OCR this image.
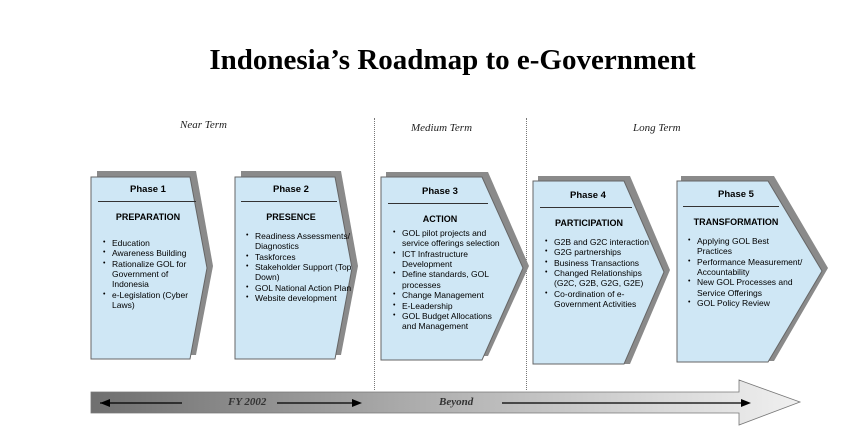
Indonesia’s Roadmap to e-Government
Near Term	Medium Term	Long Term
Phase 1
PREPARATION
• Education
• Awareness Building
• Rationalize GOL for Government of Indonesia
• e-Legislation (Cyber Laws)
Phase 2
PRESENCE
• Readiness Assessments/ Diagnostics
• Taskforces
• Stakeholder Support (Top Down)
• GOL National Action Plan
• Website development
Phase 3
ACTION
• GOL pilot projects and service offerings selection
• ICT Infrastructure Development
• Define standards, GOL processes
• Change Management
• E-Leadership
• GOL Budget Allocations and Management
Phase 4
PARTICIPATION
• G2B and G2C interaction
• G2G partnerships
• Business Transactions
• Changed Relationships (G2C, G2B, G2G, G2E)
• Co-ordination of e-Government Activities
Phase 5
TRANSFORMATION
• Applying GOL Best Practices
• Performance Measurement/ Accountability
• New GOL Processes and Service Offerings
• GOL Policy Review
FY 2002	Beyond
